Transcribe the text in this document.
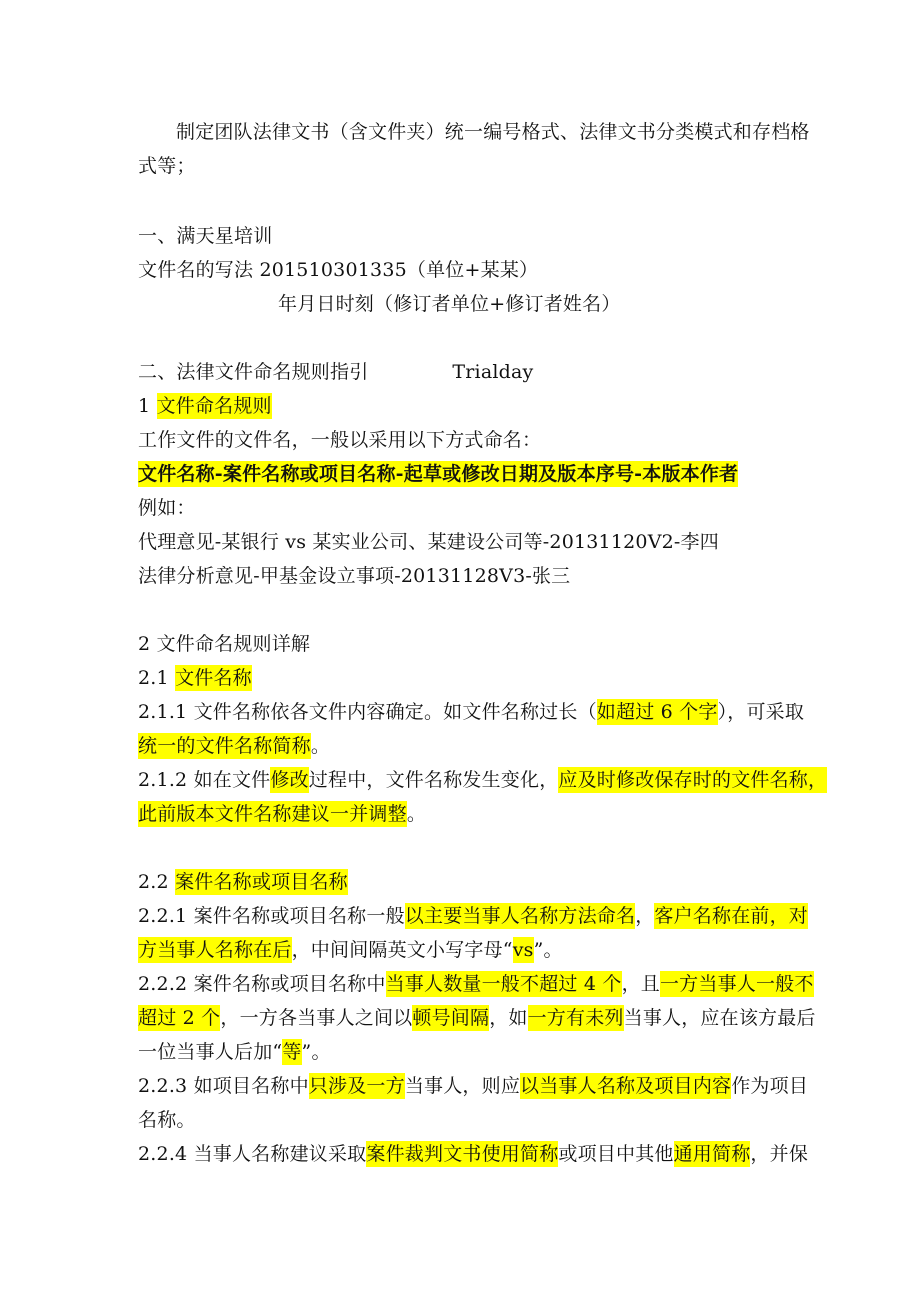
制定团队法律文书（含文件夹）统一编号格式、法律文书分类模式和存档格
式等；
一、满天星培训
文件名的写法 201510301335（单位+某某）
年月日时刻（修订者单位+修订者姓名）
二、法律文件命名规则指引	Trialday
1 文件命名规则
工作文件的文件名，一般以采用以下方式命名：
文件名称-案件名称或项目名称-起草或修改日期及版本序号-本版本作者
例如：
代理意见-某银行 vs 某实业公司、某建设公司等-20131120V2-李四
法律分析意见-甲基金设立事项-20131128V3-张三
2 文件命名规则详解
2.1 文件名称
2.1.1 文件名称依各文件内容确定。如文件名称过长（如超过 6 个字），可采取
统一的文件名称简称。
2.1.2 如在文件修改过程中，文件名称发生变化，应及时修改保存时的文件名称，
此前版本文件名称建议一并调整。
2.2 案件名称或项目名称
2.2.1 案件名称或项目名称一般以主要当事人名称方法命名，客户名称在前，对
方当事人名称在后，中间间隔英文小写字母“vs”。
2.2.2 案件名称或项目名称中当事人数量一般不超过 4 个，且一方当事人一般不
超过 2 个，一方各当事人之间以顿号间隔，如一方有未列当事人，应在该方最后
一位当事人后加“等”。
2.2.3 如项目名称中只涉及一方当事人，则应以当事人名称及项目内容作为项目
名称。
2.2.4 当事人名称建议采取案件裁判文书使用简称或项目中其他通用简称，并保
